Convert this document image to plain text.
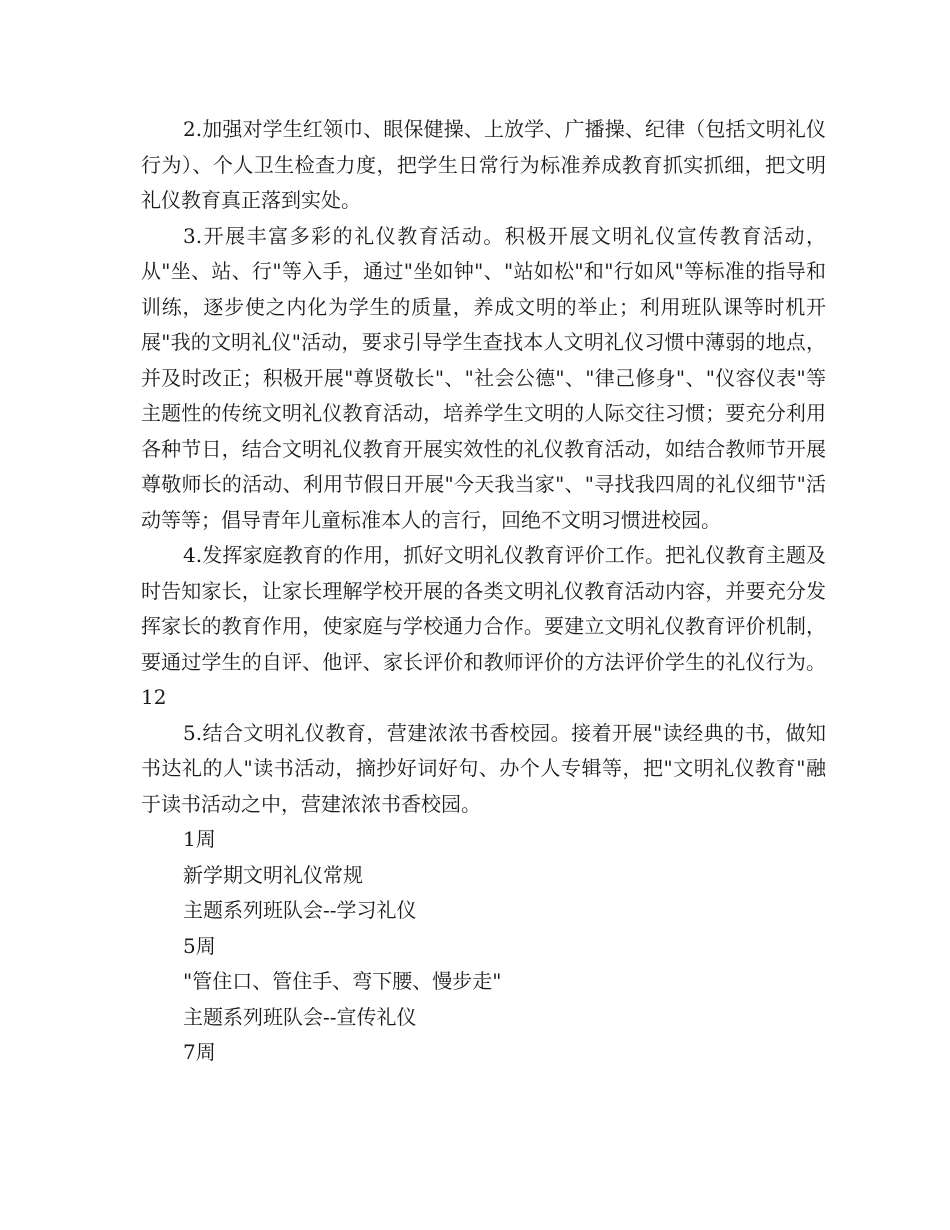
2.加强对学生红领巾、眼保健操、上放学、广播操、纪律（包括文明礼仪行为）、个人卫生检查力度，把学生日常行为标准养成教育抓实抓细，把文明礼仪教育真正落到实处。

3.开展丰富多彩的礼仪教育活动。积极开展文明礼仪宣传教育活动，从"坐、站、行"等入手，通过"坐如钟"、"站如松"和"行如风"等标准的指导和训练，逐步使之内化为学生的质量，养成文明的举止；利用班队课等时机开展"我的文明礼仪"活动，要求引导学生查找本人文明礼仪习惯中薄弱的地点，并及时改正；积极开展"尊贤敬长"、"社会公德"、"律己修身"、"仪容仪表"等主题性的传统文明礼仪教育活动，培养学生文明的人际交往习惯；要充分利用各种节日，结合文明礼仪教育开展实效性的礼仪教育活动，如结合教师节开展尊敬师长的活动、利用节假日开展"今天我当家"、"寻找我四周的礼仪细节"活动等等；倡导青年儿童标准本人的言行，回绝不文明习惯进校园。

4.发挥家庭教育的作用，抓好文明礼仪教育评价工作。把礼仪教育主题及时告知家长，让家长理解学校开展的各类文明礼仪教育活动内容，并要充分发挥家长的教育作用，使家庭与学校通力合作。要建立文明礼仪教育评价机制，要通过学生的自评、他评、家长评价和教师评价的方法评价学生的礼仪行为。12

5.结合文明礼仪教育，营建浓浓书香校园。接着开展"读经典的书，做知书达礼的人"读书活动，摘抄好词好句、办个人专辑等，把"文明礼仪教育"融于读书活动之中，营建浓浓书香校园。

1周

新学期文明礼仪常规

主题系列班队会--学习礼仪

5周

"管住口、管住手、弯下腰、慢步走"

主题系列班队会--宣传礼仪

7周
